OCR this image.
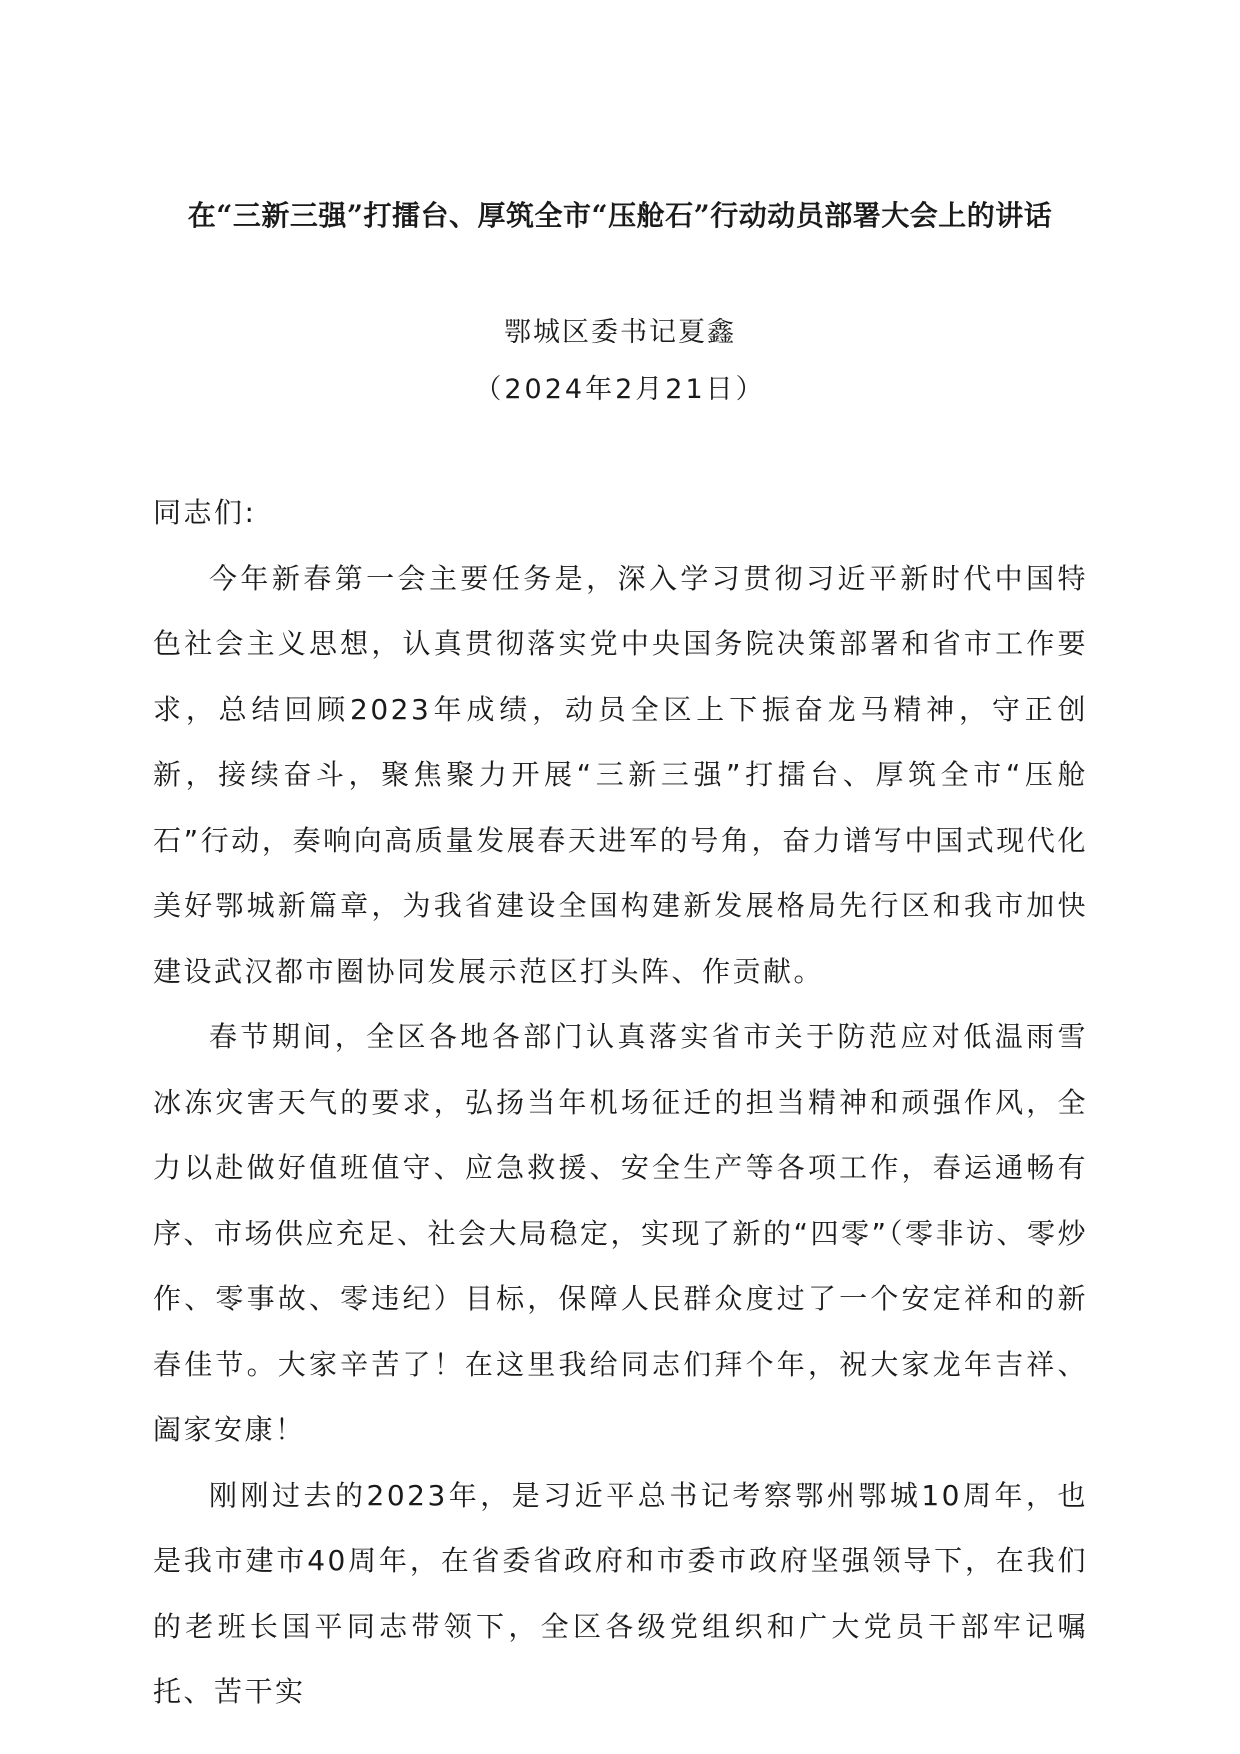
在“三新三强”打擂台、厚筑全市“压舱石”行动动员部署大会上的讲话
鄂城区委书记夏鑫
（2024年2月21日）

同志们:

今年新春第一会主要任务是，深入学习贯彻习近平新时代中国特色社会主义思想，认真贯彻落实党中央国务院决策部署和省市工作要求，总结回顾2023年成绩，动员全区上下振奋龙马精神，守正创新，接续奋斗，聚焦聚力开展“三新三强”打擂台、厚筑全市“压舱石”行动，奏响向高质量发展春天进军的号角，奋力谱写中国式现代化美好鄂城新篇章，为我省建设全国构建新发展格局先行区和我市加快建设武汉都市圈协同发展示范区打头阵、作贡献。

春节期间，全区各地各部门认真落实省市关于防范应对低温雨雪冰冻灾害天气的要求，弘扬当年机场征迁的担当精神和顽强作风，全力以赴做好值班值守、应急救援、安全生产等各项工作，春运通畅有序、市场供应充足、社会大局稳定，实现了新的“四零”（零非访、零炒作、零事故、零违纪）目标，保障人民群众度过了一个安定祥和的新春佳节。大家辛苦了！在这里我给同志们拜个年，祝大家龙年吉祥、阖家安康！

刚刚过去的2023年，是习近平总书记考察鄂州鄂城10周年，也是我市建市40周年，在省委省政府和市委市政府坚强领导下，在我们的老班长国平同志带领下，全区各级党组织和广大党员干部牢记嘱托、苦干实
